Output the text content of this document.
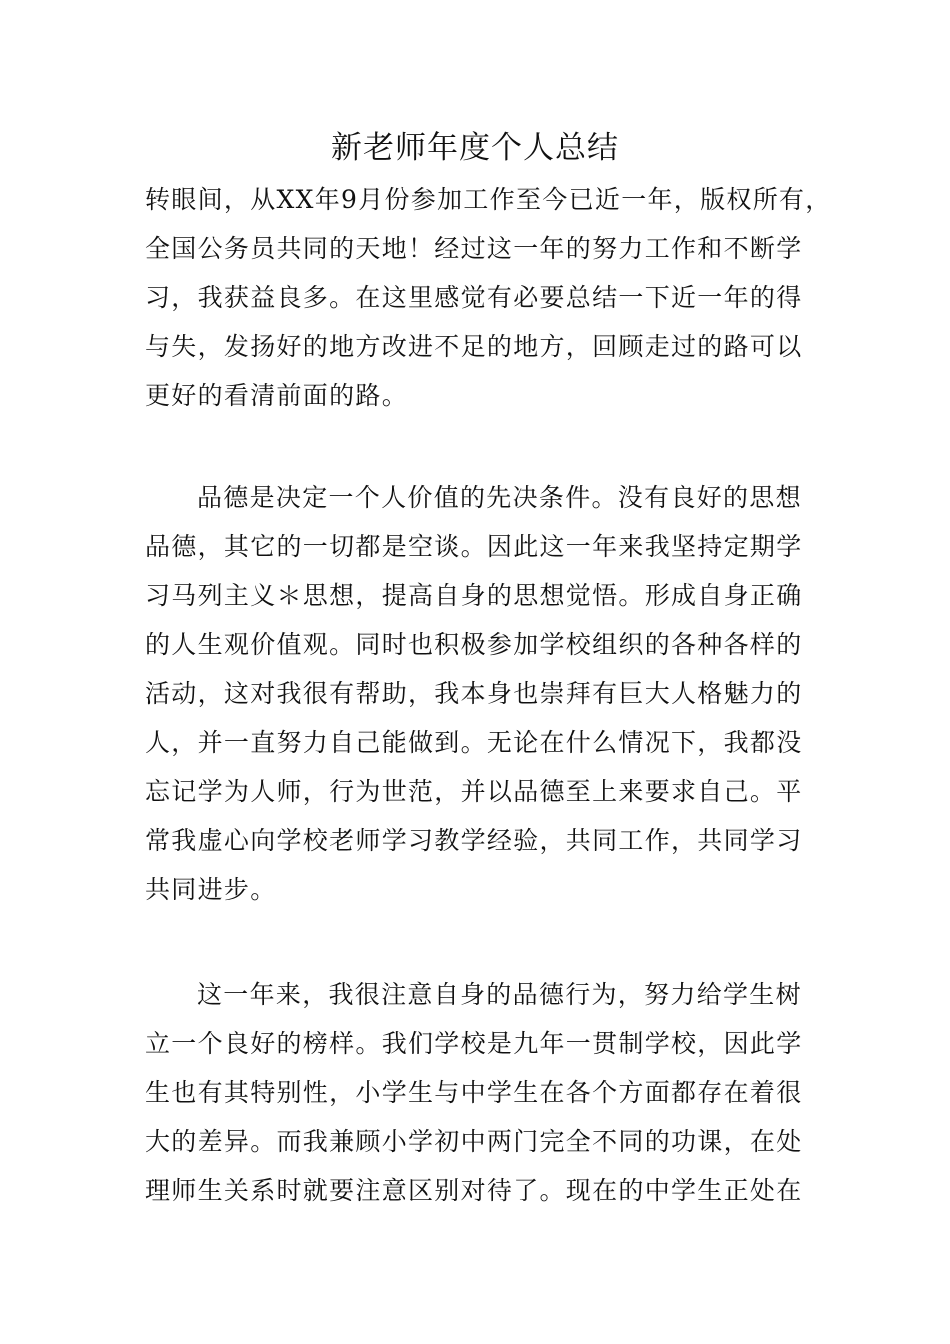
新老师年度个人总结

转眼间，从XX年9月份参加工作至今已近一年，版权所有，

全国公务员共同的天地！经过这一年的努力工作和不断学

习，我获益良多。在这里感觉有必要总结一下近一年的得

与失，发扬好的地方改进不足的地方，回顾走过的路可以

更好的看清前面的路。

品德是决定一个人价值的先决条件。没有良好的思想

品德，其它的一切都是空谈。因此这一年来我坚持定期学

习马列主义＊思想，提高自身的思想觉悟。形成自身正确

的人生观价值观。同时也积极参加学校组织的各种各样的

活动，这对我很有帮助，我本身也崇拜有巨大人格魅力的

人，并一直努力自己能做到。无论在什么情况下，我都没

忘记学为人师，行为世范，并以品德至上来要求自己。平

常我虚心向学校老师学习教学经验，共同工作，共同学习

共同进步。

这一年来，我很注意自身的品德行为，努力给学生树

立一个良好的榜样。我们学校是九年一贯制学校，因此学

生也有其特别性，小学生与中学生在各个方面都存在着很

大的差异。而我兼顾小学初中两门完全不同的功课，在处

理师生关系时就要注意区别对待了。现在的中学生正处在
